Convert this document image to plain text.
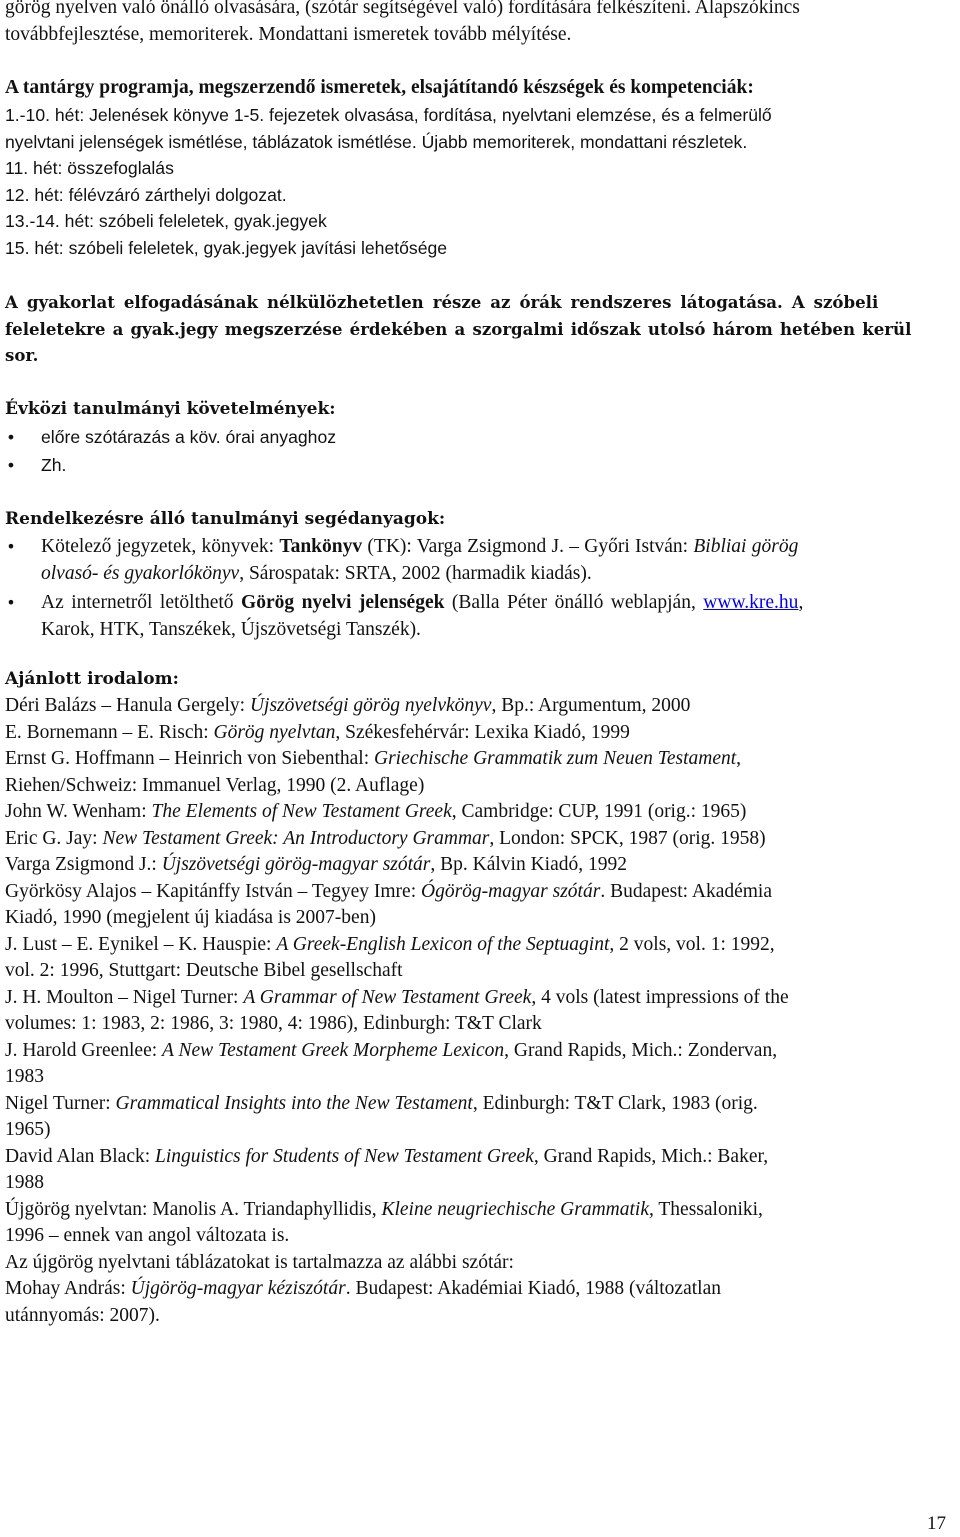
görög nyelven való önálló olvasására, (szótár segítségével való) fordítására felkészíteni. Alapszókincs
továbbfejlesztése, memoriterek. Mondattani ismeretek tovább mélyítése.
A tantárgy programja, megszerzendő ismeretek, elsajátítandó készségek és kompetenciák:
1.-10. hét: Jelenések könyve 1-5. fejezetek olvasása, fordítása, nyelvtani elemzése, és a felmerülő
nyelvtani jelenségek ismétlése, táblázatok ismétlése. Újabb memoriterek, mondattani részletek.
11. hét: összefoglalás
12. hét: félévzáró zárthelyi dolgozat.
13.-14. hét: szóbeli feleletek, gyak.jegyek
15. hét: szóbeli feleletek, gyak.jegyek javítási lehetősége
A gyakorlat elfogadásának nélkülözhetetlen része az órák rendszeres látogatása. A szóbeli
feleletekre a gyak.jegy megszerzése érdekében a szorgalmi időszak utolsó három hetében kerül
sor.
Évközi tanulmányi követelmények:
• előre szótárazás a köv. órai anyaghoz
• Zh.
Rendelkezésre álló tanulmányi segédanyagok:
• Kötelező jegyzetek, könyvek: Tankönyv (TK): Varga Zsigmond J. – Győri István: Bibliai görög
olvasó- és gyakorlókönyv, Sárospatak: SRTA, 2002 (harmadik kiadás).
• Az internetről letölthető Görög nyelvi jelenségek (Balla Péter önálló weblapján, www.kre.hu,
Karok, HTK, Tanszékek, Újszövetségi Tanszék).
Ajánlott irodalom:
Déri Balázs – Hanula Gergely: Újszövetségi görög nyelvkönyv, Bp.: Argumentum, 2000
E. Bornemann – E. Risch: Görög nyelvtan, Székesfehérvár: Lexika Kiadó, 1999
Ernst G. Hoffmann – Heinrich von Siebenthal: Griechische Grammatik zum Neuen Testament,
Riehen/Schweiz: Immanuel Verlag, 1990 (2. Auflage)
John W. Wenham: The Elements of New Testament Greek, Cambridge: CUP, 1991 (orig.: 1965)
Eric G. Jay: New Testament Greek: An Introductory Grammar, London: SPCK, 1987 (orig. 1958)
Varga Zsigmond J.: Újszövetségi görög-magyar szótár, Bp. Kálvin Kiadó, 1992
Györkösy Alajos – Kapitánffy István – Tegyey Imre: Ógörög-magyar szótár. Budapest: Akadémia
Kiadó, 1990 (megjelent új kiadása is 2007-ben)
J. Lust – E. Eynikel – K. Hauspie: A Greek-English Lexicon of the Septuagint, 2 vols, vol. 1: 1992,
vol. 2: 1996, Stuttgart: Deutsche Bibel gesellschaft
J. H. Moulton – Nigel Turner: A Grammar of New Testament Greek, 4 vols (latest impressions of the
volumes: 1: 1983, 2: 1986, 3: 1980, 4: 1986), Edinburgh: T&T Clark
J. Harold Greenlee: A New Testament Greek Morpheme Lexicon, Grand Rapids, Mich.: Zondervan,
1983
Nigel Turner: Grammatical Insights into the New Testament, Edinburgh: T&T Clark, 1983 (orig.
1965)
David Alan Black: Linguistics for Students of New Testament Greek, Grand Rapids, Mich.: Baker,
1988
Újgörög nyelvtan: Manolis A. Triandaphyllidis, Kleine neugriechische Grammatik, Thessaloniki,
1996 – ennek van angol változata is.
Az újgörög nyelvtani táblázatokat is tartalmazza az alábbi szótár:
Mohay András: Újgörög-magyar kéziszótár. Budapest: Akadémiai Kiadó, 1988 (változatlan
utánnyomás: 2007).
17
